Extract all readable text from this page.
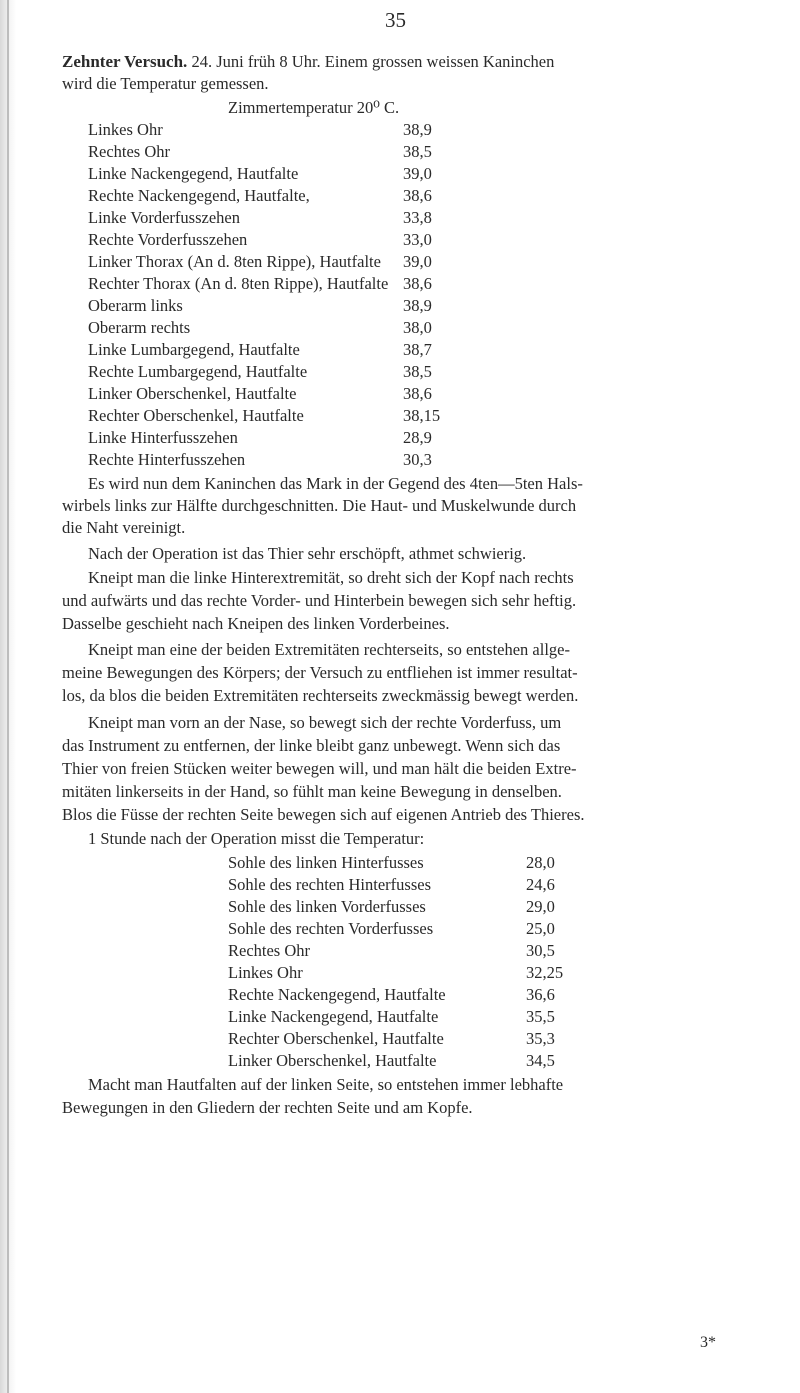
35
Zehnter Versuch. 24. Juni früh 8 Uhr. Einem grossen weissen Kaninchen
wird die Temperatur gemessen.
Zimmertemperatur 20⁰ C.
Linkes Ohr	38,9
Rechtes Ohr	38,5
Linke Nackengegend, Hautfalte	39,0
Rechte Nackengegend, Hautfalte,	38,6
Linke Vorderfusszehen	33,8
Rechte Vorderfusszehen	33,0
Linker Thorax (An d. 8ten Rippe), Hautfalte 39,0
Rechter Thorax (An d. 8ten Rippe), Hautfalte 38,6
Oberarm links	38,9
Oberarm rechts	38,0
Linke Lumbargegend, Hautfalte	38,7
Rechte Lumbargegend, Hautfalte	38,5
Linker Oberschenkel, Hautfalte	38,6
Rechter Oberschenkel, Hautfalte	38,15
Linke Hinterfusszehen	28,9
Rechte Hinterfusszehen	30,3
Es wird nun dem Kaninchen das Mark in der Gegend des 4ten—5ten Hals-
wirbels links zur Hälfte durchgeschnitten. Die Haut- und Muskelwunde durch
die Naht vereinigt.
Nach der Operation ist das Thier sehr erschöpft, athmet schwierig.
Kneipt man die linke Hinterextremität, so dreht sich der Kopf nach rechts
und aufwärts und das rechte Vorder- und Hinterbein bewegen sich sehr heftig.
Dasselbe geschieht nach Kneipen des linken Vorderbeines.
Kneipt man eine der beiden Extremitäten rechterseits, so entstehen allge-
meine Bewegungen des Körpers; der Versuch zu entfliehen ist immer resultat-
los, da blos die beiden Extremitäten rechterseits zweckmässig bewegt werden.
Kneipt man vorn an der Nase, so bewegt sich der rechte Vorderfuss, um
das Instrument zu entfernen, der linke bleibt ganz unbewegt. Wenn sich das
Thier von freien Stücken weiter bewegen will, und man hält die beiden Extre-
mitäten linkerseits in der Hand, so fühlt man keine Bewegung in denselben.
Blos die Füsse der rechten Seite bewegen sich auf eigenen Antrieb des Thieres.
1 Stunde nach der Operation misst die Temperatur:
Sohle des linken Hinterfusses	28,0
Sohle des rechten Hinterfusses	24,6
Sohle des linken Vorderfusses	29,0
Sohle des rechten Vorderfusses	25,0
Rechtes Ohr	30,5
Linkes Ohr	32,25
Rechte Nackengegend, Hautfalte	36,6
Linke Nackengegend, Hautfalte	35,5
Rechter Oberschenkel, Hautfalte	35,3
Linker Oberschenkel, Hautfalte	34,5
Macht man Hautfalten auf der linken Seite, so entstehen immer lebhafte
Bewegungen in den Gliedern der rechten Seite und am Kopfe.
3*
